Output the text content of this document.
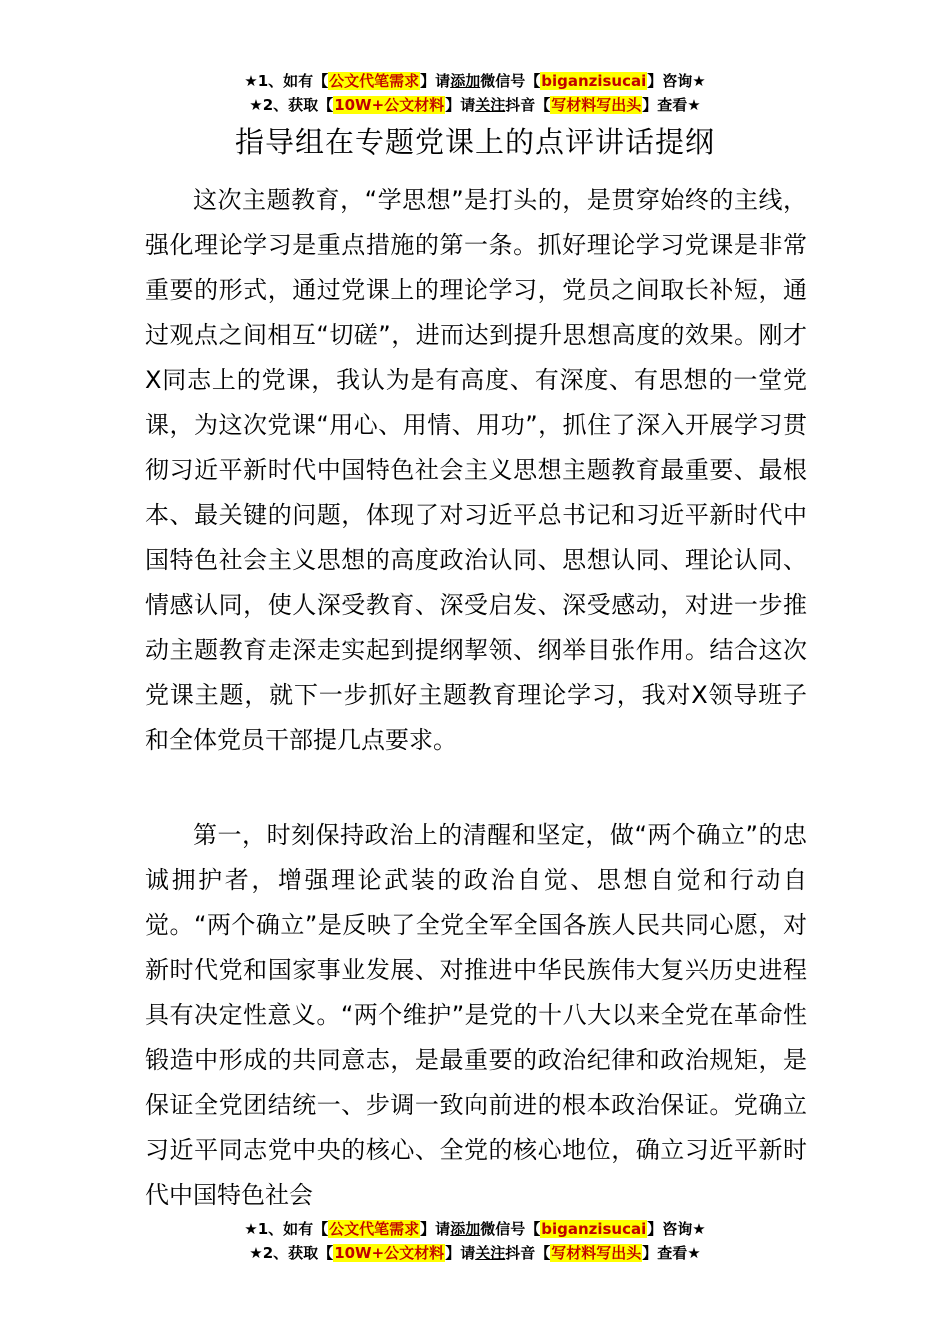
★1、如有【公文代笔需求】请添加微信号【biganzisucai】咨询★
★2、获取【10W+公文材料】请关注抖音【写材料写出头】查看★
指导组在专题党课上的点评讲话提纲

这次主题教育，“学思想”是打头的，是贯穿始终的主线，强化理论学习是重点措施的第一条。抓好理论学习党课是非常重要的形式，通过党课上的理论学习，党员之间取长补短，通过观点之间相互“切磋”，进而达到提升思想高度的效果。刚才X同志上的党课，我认为是有高度、有深度、有思想的一堂党课，为这次党课“用心、用情、用功”，抓住了深入开展学习贯彻习近平新时代中国特色社会主义思想主题教育最重要、最根本、最关键的问题，体现了对习近平总书记和习近平新时代中国特色社会主义思想的高度政治认同、思想认同、理论认同、情感认同，使人深受教育、深受启发、深受感动，对进一步推动主题教育走深走实起到提纲挈领、纲举目张作用。结合这次党课主题，就下一步抓好主题教育理论学习，我对X领导班子和全体党员干部提几点要求。

第一，时刻保持政治上的清醒和坚定，做“两个确立”的忠诚拥护者，增强理论武装的政治自觉、思想自觉和行动自觉。“两个确立”是反映了全党全军全国各族人民共同心愿，对新时代党和国家事业发展、对推进中华民族伟大复兴历史进程具有决定性意义。“两个维护”是党的十八大以来全党在革命性锻造中形成的共同意志，是最重要的政治纪律和政治规矩，是保证全党团结统一、步调一致向前进的根本政治保证。党确立习近平同志党中央的核心、全党的核心地位，确立习近平新时代中国特色社会

★1、如有【公文代笔需求】请添加微信号【biganzisucai】咨询★
★2、获取【10W+公文材料】请关注抖音【写材料写出头】查看★
